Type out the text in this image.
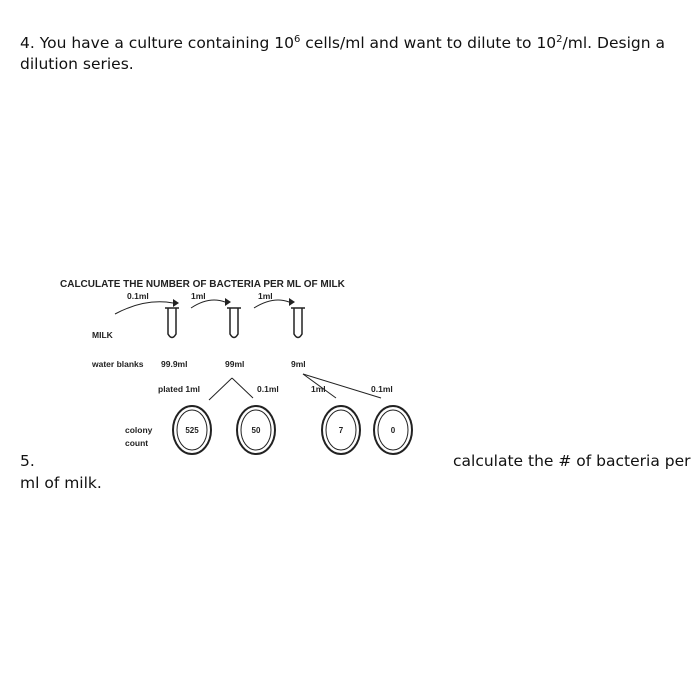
4. You have a culture containing $10^6$ cells/ml and want to dilute to $10^2/ml$. Design a dilution series.
CALCULATE THE NUMBER OF BACTERIA PER ML OF MILK
0.1ml	1ml	1ml
MILK
water blanks 99.9ml	99ml	9ml
plated 1ml	0.1ml	1ml	0.1ml
colony
count
525	50	7	0
5.	calculate the # of bacteria per
ml of milk.
